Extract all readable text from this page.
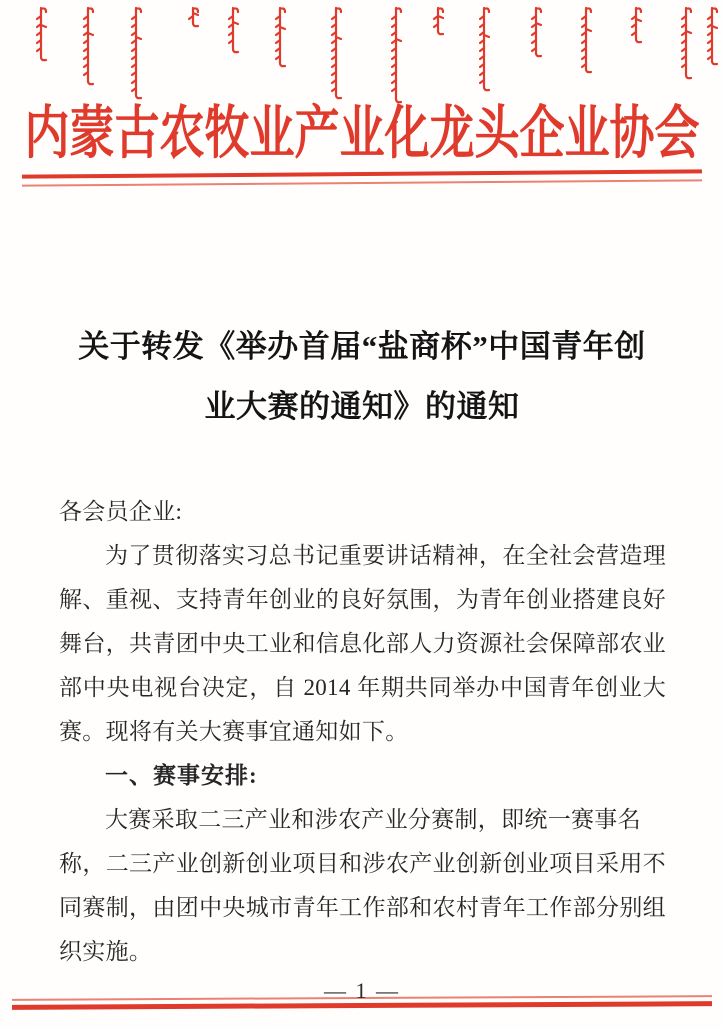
内蒙古农牧业产业化龙头企业协会
关于转发《举办首届“盐商杯”中国青年创
业大赛的通知》的通知
各会员企业:
为了贯彻落实习总书记重要讲话精神，在全社会营造理
解、重视、支持青年创业的良好氛围，为青年创业搭建良好
舞台，共青团中央工业和信息化部人力资源社会保障部农业
部中央电视台决定，自 2014 年期共同举办中国青年创业大
赛。现将有关大赛事宜通知如下。
一、赛事安排:
大赛采取二三产业和涉农产业分赛制，即统一赛事名
称，二三产业创新创业项目和涉农产业创新创业项目采用不
同赛制，由团中央城市青年工作部和农村青年工作部分别组
织实施。
— 1 —
